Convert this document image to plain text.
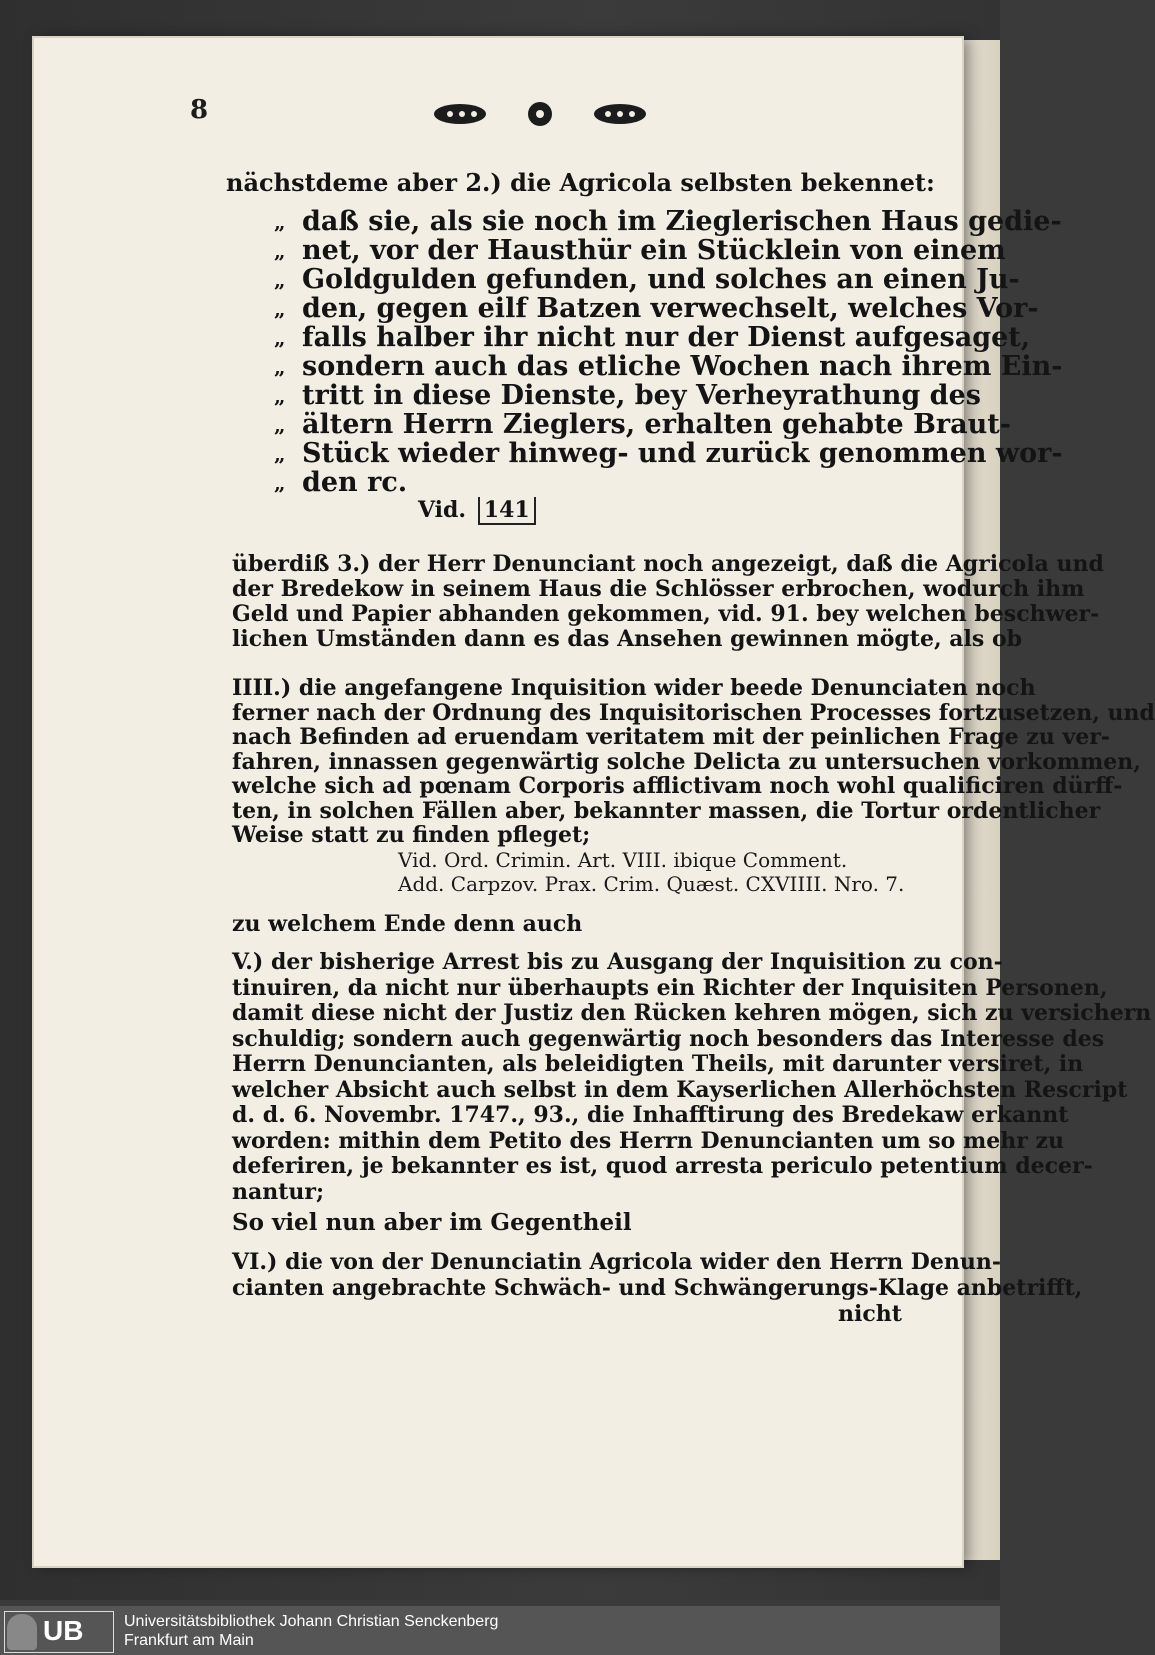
8
nächstdeme aber 2.) die Agricola selbsten bekennet:
„ daß sie, als sie noch im Zieglerischen Haus gedie-
„ net, vor der Hausthür ein Stücklein von einem
„ Goldgulden gefunden, und solches an einen Ju-
„ den, gegen eilf Batzen verwechselt, welches Vor-
„ falls halber ihr nicht nur der Dienst aufgesaget,
„ sondern auch das etliche Wochen nach ihrem Ein-
„ tritt in diese Dienste, bey Verheyrathung des
„ ältern Herrn Zieglers, erhalten gehabte Braut-
„ Stück wieder hinweg- und zurück genommen wor-
„ den rc.
Vid. 141
überdiß 3.) der Herr Denunciant noch angezeigt, daß die Agricola und
der Bredekow in seinem Haus die Schlösser erbrochen, wodurch ihm
Geld und Papier abhanden gekommen, vid. 91. bey welchen beschwer-
lichen Umständen dann es das Ansehen gewinnen mögte, als ob
IIII.) die angefangene Inquisition wider beede Denunciaten noch
ferner nach der Ordnung des Inquisitorischen Processes fortzusetzen, und
nach Befinden ad eruendam veritatem mit der peinlichen Frage zu ver-
fahren, innassen gegenwärtig solche Delicta zu untersuchen vorkommen,
welche sich ad pœnam Corporis afflictivam noch wohl qualificiren dürff-
ten, in solchen Fällen aber, bekannter massen, die Tortur ordentlicher
Weise statt zu finden pfleget;
Vid. Ord. Crimin. Art. VIII. ibique Comment.
Add. Carpzov. Prax. Crim. Quæst. CXVIIII. Nro. 7.
zu welchem Ende denn auch
V.) der bisherige Arrest bis zu Ausgang der Inquisition zu con-
tinuiren, da nicht nur überhaupts ein Richter der Inquisiten Personen,
damit diese nicht der Justiz den Rücken kehren mögen, sich zu versichern
schuldig; sondern auch gegenwärtig noch besonders das Interesse des
Herrn Denuncianten, als beleidigten Theils, mit darunter versiret, in
welcher Absicht auch selbst in dem Kayserlichen Allerhöchsten Rescript
d. d. 6. Novembr. 1747., 93., die Inhafftirung des Bredekaw erkannt
worden: mithin dem Petito des Herrn Denuncianten um so mehr zu
deferiren, je bekannter es ist, quod arresta periculo petentium decer-
nantur;
So viel nun aber im Gegentheil
VI.) die von der Denunciatin Agricola wider den Herrn Denun-
cianten angebrachte Schwäch- und Schwängerungs-Klage anbetrifft,
nicht
UB	Universitätsbibliothek Johann Christian Senckenberg
Frankfurt am Main
